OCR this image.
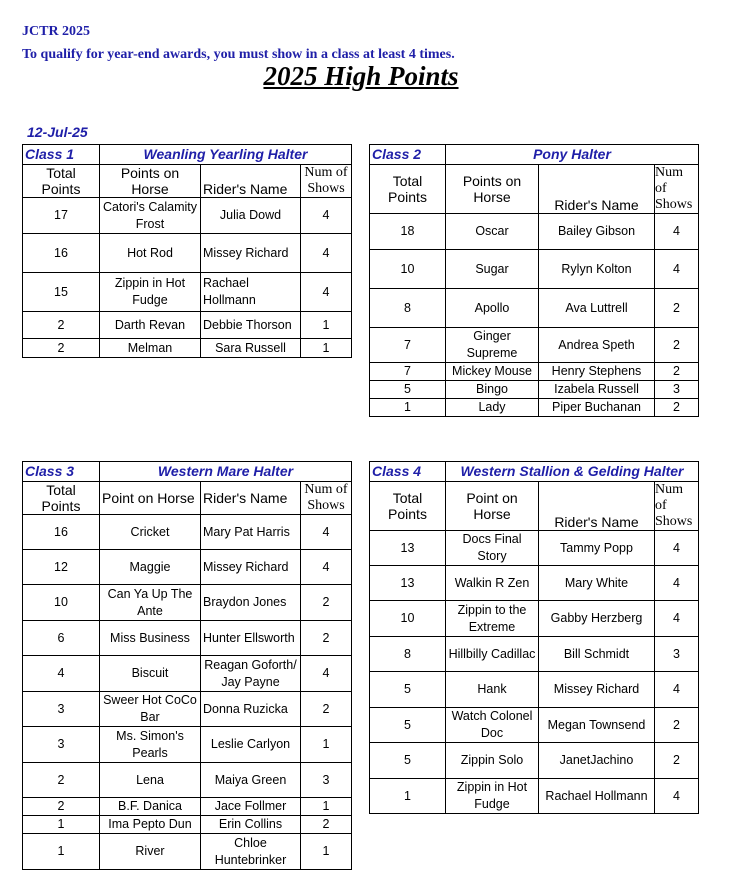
JCTR 2025
To qualify for year-end awards, you must show in a class at least 4 times.
2025 High Points
12-Jul-25
Class 1	Weanling Yearling Halter		
Total Points	Points on Horse	Rider's Name	Num of Shows
17	Catori's Calamity Frost	Julia Dowd	4
16	Hot Rod	Missey Richard	4
15	Zippin in Hot Fudge	Rachael Hollmann	4
2	Darth Revan	Debbie Thorson	1
2	Melman	Sara Russell	1
Class 2	Pony Halter		
Total Points	Points on Horse	Rider's Name	Num of Shows
18	Oscar	Bailey Gibson	4
10	Sugar	Rylyn Kolton	4
8	Apollo	Ava Luttrell	2
7	Ginger Supreme	Andrea Speth	2
7	Mickey Mouse	Henry Stephens	2
5	Bingo	Izabela Russell	3
1	Lady	Piper Buchanan	2
Class 3	Western Mare Halter		
Total Points	Point on Horse	Rider's Name	Num of Shows
16	Cricket	Mary Pat Harris	4
12	Maggie	Missey Richard	4
10	Can Ya Up The Ante	Braydon Jones	2
6	Miss Business	Hunter Ellsworth	2
4	Biscuit	Reagan Goforth/ Jay Payne	4
3	Sweer Hot CoCo Bar	Donna Ruzicka	2
3	Ms. Simon's Pearls	Leslie Carlyon	1
2	Lena	Maiya Green	3
2	B.F. Danica	Jace Follmer	1
1	Ima Pepto Dun	Erin Collins	2
1	River	Chloe Huntebrinker	1
Class 4	Western Stallion & Gelding Halter		
Total Points	Point on Horse	Rider's Name	Num of Shows
13	Docs Final Story	Tammy Popp	4
13	Walkin R Zen	Mary White	4
10	Zippin to the Extreme	Gabby Herzberg	4
8	Hillbilly Cadillac	Bill Schmidt	3
5	Hank	Missey Richard	4
5	Watch Colonel Doc	Megan Townsend	2
5	Zippin Solo	JanetJachino	2
1	Zippin in Hot Fudge	Rachael Hollmann	4
